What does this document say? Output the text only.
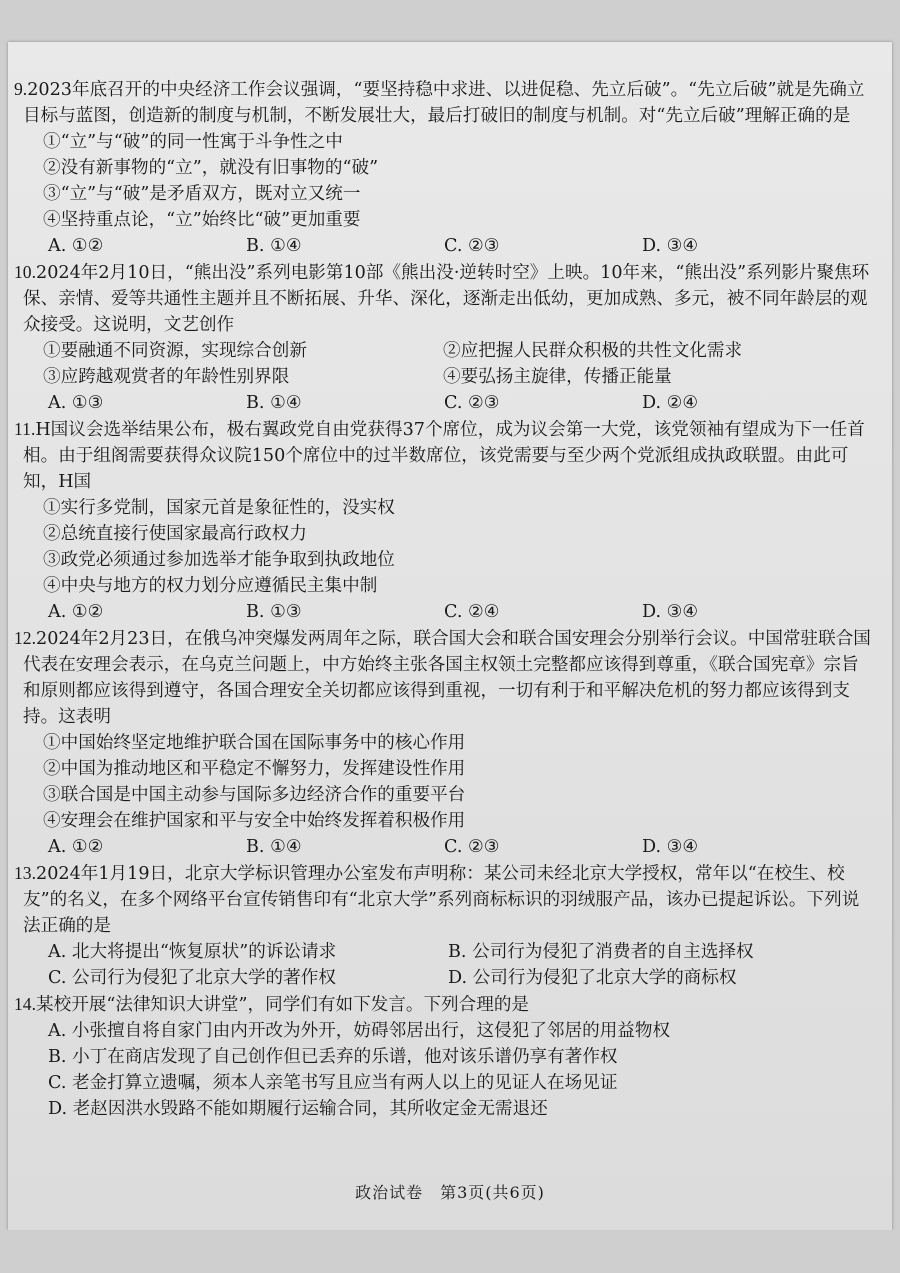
9.2023年底召开的中央经济工作会议强调，“要坚持稳中求进、以进促稳、先立后破”。“先立后破”就是先确立目标与蓝图，创造新的制度与机制，不断发展壮大，最后打破旧的制度与机制。对“先立后破”理解正确的是

①“立”与“破”的同一性寓于斗争性之中

②没有新事物的“立”，就没有旧事物的“破”

③“立”与“破”是矛盾双方，既对立又统一

④坚持重点论，“立”始终比“破”更加重要

A. ①②	B. ①④	C. ②③	D. ③④

10.2024年2月10日，“熊出没”系列电影第10部《熊出没·逆转时空》上映。10年来，“熊出没”系列影片聚焦环保、亲情、爱等共通性主题并且不断拓展、升华、深化，逐渐走出低幼，更加成熟、多元，被不同年龄层的观众接受。这说明，文艺创作

①要融通不同资源，实现综合创新	②应把握人民群众积极的共性文化需求
③应跨越观赏者的年龄性别界限	④要弘扬主旋律，传播正能量
A. ①③	B. ①④	C. ②③	D. ②④

11.H国议会选举结果公布，极右翼政党自由党获得37个席位，成为议会第一大党，该党领袖有望成为下一任首相。由于组阁需要获得众议院150个席位中的过半数席位，该党需要与至少两个党派组成执政联盟。由此可知，H国

①实行多党制，国家元首是象征性的，没实权

②总统直接行使国家最高行政权力

③政党必须通过参加选举才能争取到执政地位

④中央与地方的权力划分应遵循民主集中制

A. ①②	B. ①③	C. ②④	D. ③④

12.2024年2月23日，在俄乌冲突爆发两周年之际，联合国大会和联合国安理会分别举行会议。中国常驻联合国代表在安理会表示，在乌克兰问题上，中方始终主张各国主权领土完整都应该得到尊重，《联合国宪章》宗旨和原则都应该得到遵守，各国合理安全关切都应该得到重视，一切有利于和平解决危机的努力都应该得到支持。这表明

①中国始终坚定地维护联合国在国际事务中的核心作用

②中国为推动地区和平稳定不懈努力，发挥建设性作用

③联合国是中国主动参与国际多边经济合作的重要平台

④安理会在维护国家和平与安全中始终发挥着积极作用

A. ①②	B. ①④	C. ②③	D. ③④

13.2024年1月19日，北京大学标识管理办公室发布声明称：某公司未经北京大学授权，常年以“在校生、校友”的名义，在多个网络平台宣传销售印有“北京大学”系列商标标识的羽绒服产品，该办已提起诉讼。下列说法正确的是

A. 北大将提出“恢复原状”的诉讼请求	B. 公司行为侵犯了消费者的自主选择权
C. 公司行为侵犯了北京大学的著作权	D. 公司行为侵犯了北京大学的商标权

14.某校开展“法律知识大讲堂”，同学们有如下发言。下列合理的是

A. 小张擅自将自家门由内开改为外开，妨碍邻居出行，这侵犯了邻居的用益物权

B. 小丁在商店发现了自己创作但已丢弃的乐谱，他对该乐谱仍享有著作权

C. 老金打算立遗嘱，须本人亲笔书写且应当有两人以上的见证人在场见证

D. 老赵因洪水毁路不能如期履行运输合同，其所收定金无需退还

政治试卷　第3页(共6页)
